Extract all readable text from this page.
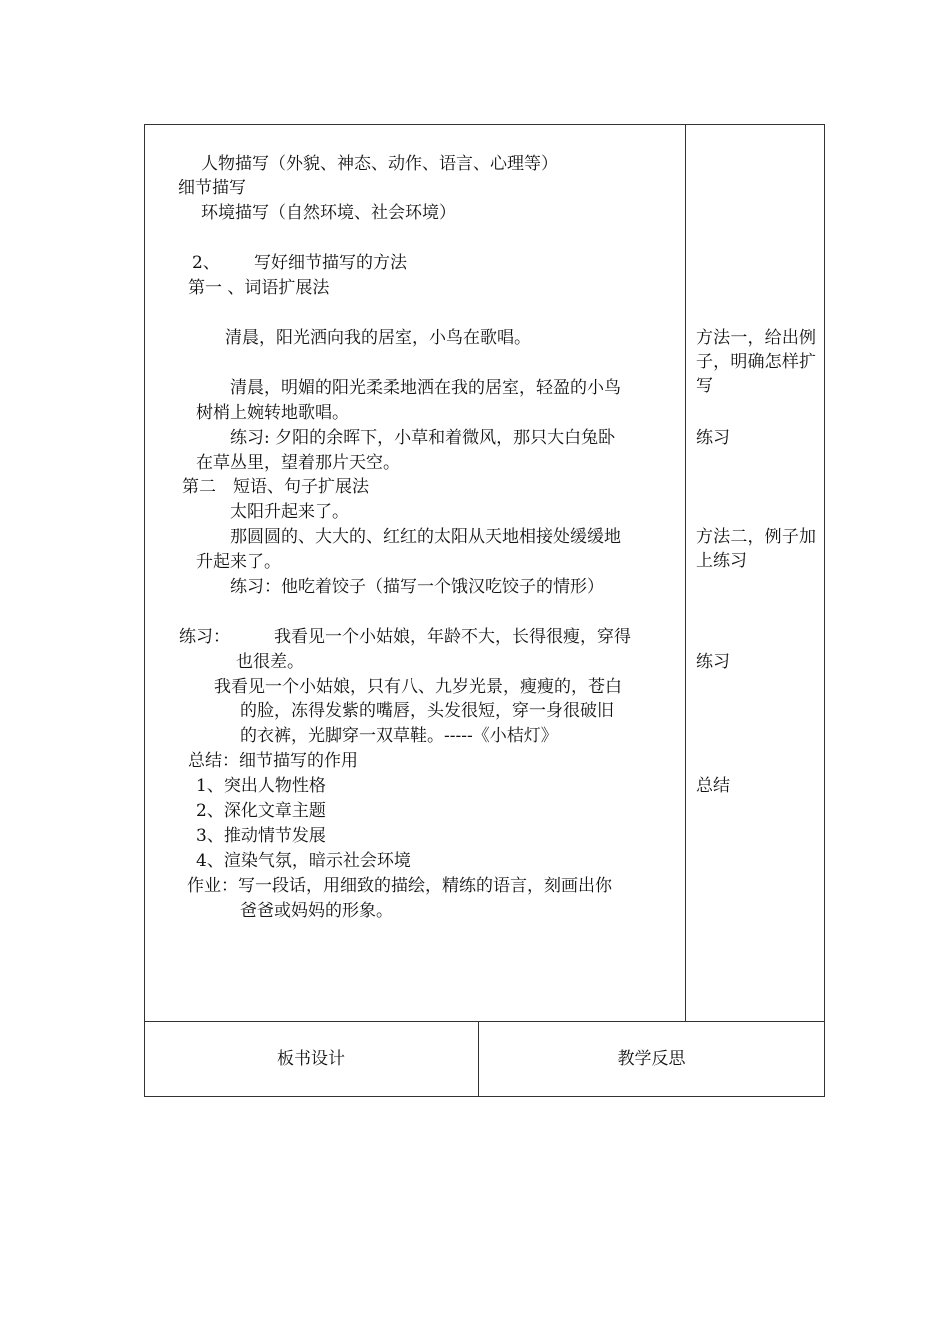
人物描写（外貌、神态、动作、语言、心理等）
细节描写
环境描写（自然环境、社会环境）
2、 写好细节描写的方法
第一 、词语扩展法
清晨，阳光洒向我的居室，小鸟在歌唱。
清晨，明媚的阳光柔柔地洒在我的居室，轻盈的小鸟
树梢上婉转地歌唱。
练习: 夕阳的余晖下，小草和着微风，那只大白兔卧
在草丛里，望着那片天空。
第二　短语、句子扩展法
太阳升起来了。
那圆圆的、大大的、红红的太阳从天地相接处缓缓地
升起来了。
练习：他吃着饺子（描写一个饿汉吃饺子的情形）
练习：	我看见一个小姑娘，年龄不大，长得很瘦，穿得
也很差。
我看见一个小姑娘，只有八、九岁光景，瘦瘦的，苍白
的脸，冻得发紫的嘴唇，头发很短，穿一身很破旧
的衣裤，光脚穿一双草鞋。-----《小桔灯》
总结：细节描写的作用
1、突出人物性格
2、深化文章主题
3、推动情节发展
4、渲染气氛，暗示社会环境
作业：写一段话，用细致的描绘，精练的语言，刻画出你
爸爸或妈妈的形象。
方法一，给出例子，明确怎样扩写
练习
方法二，例子加上练习
练习
总结
板书设计	教学反思
